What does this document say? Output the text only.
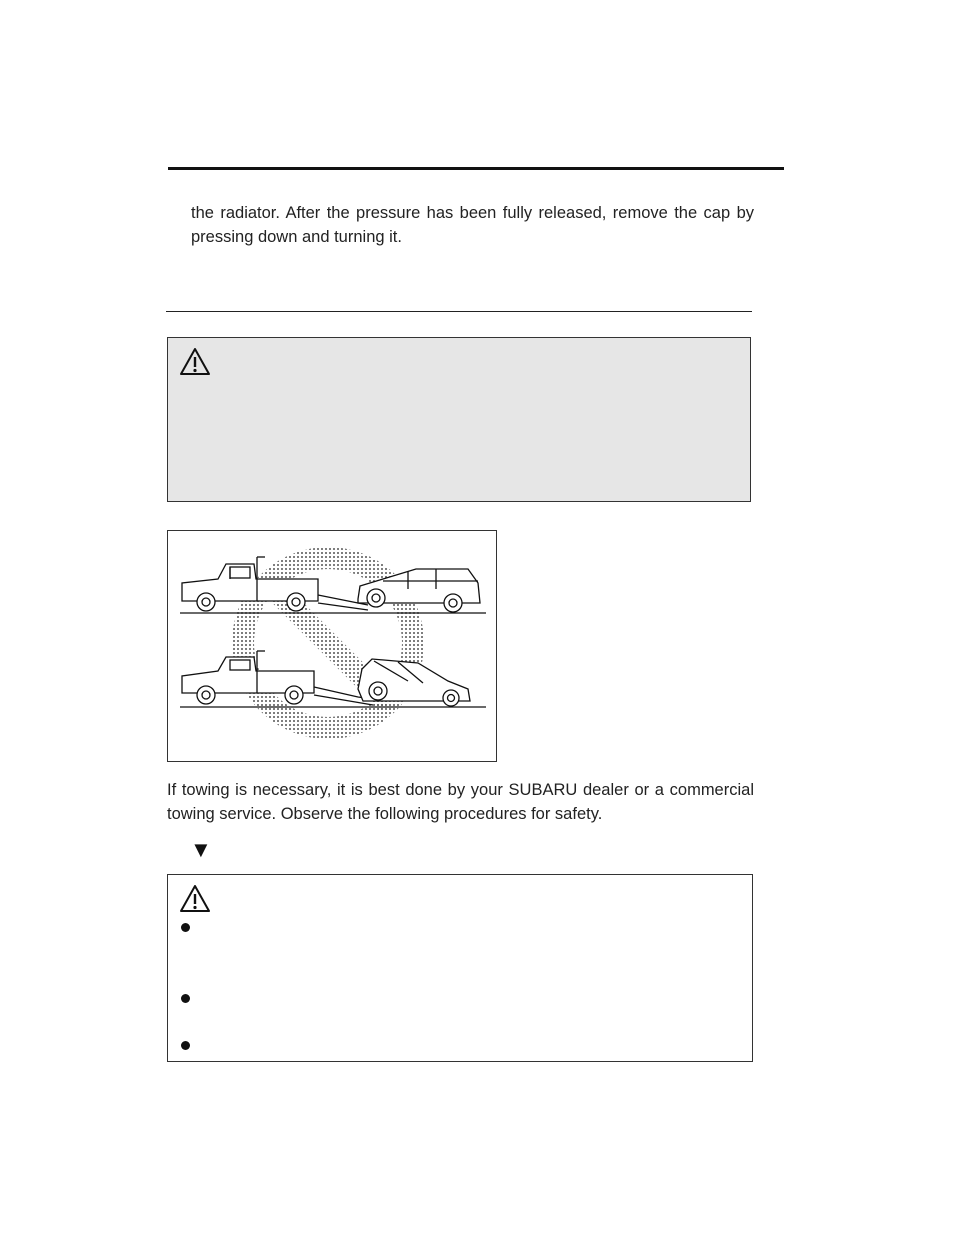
the radiator. After the pressure has been fully released, remove the cap by pressing down and turning it.

If towing is necessary, it is best done by your SUBARU dealer or a commercial towing service. Observe the following procedures for safety.

▼
